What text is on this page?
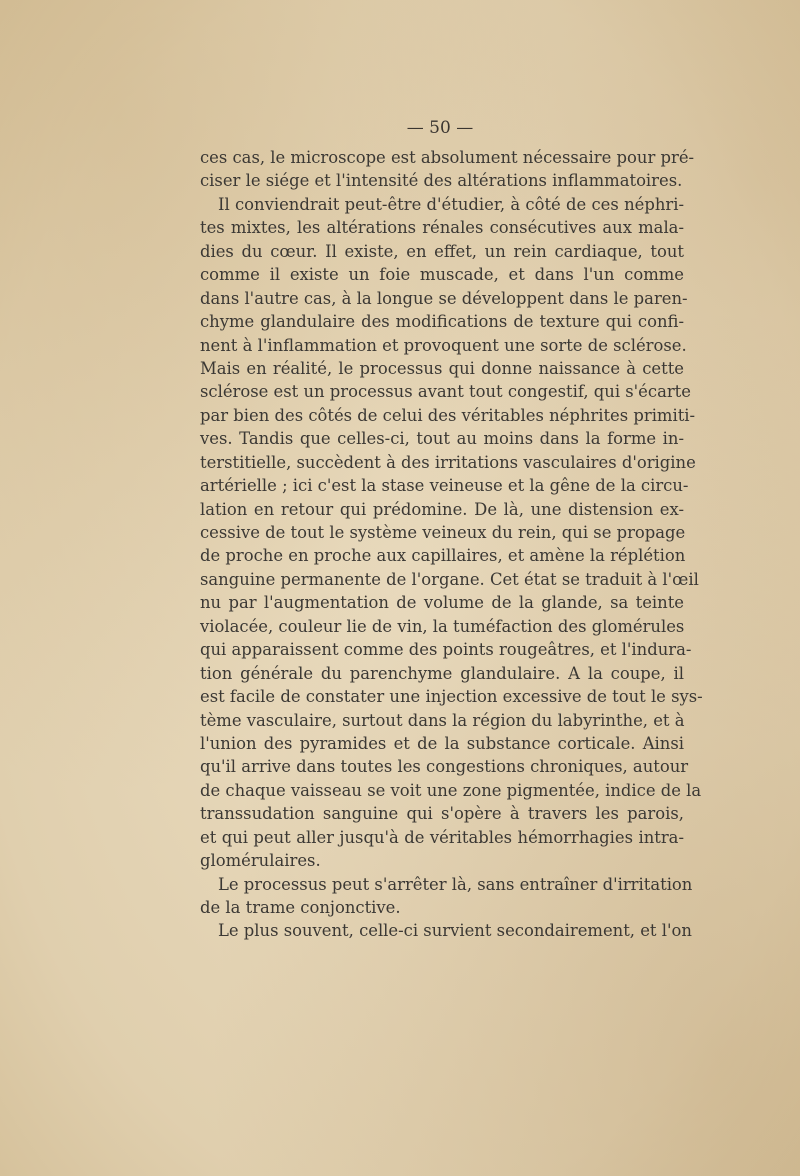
— 50 —
ces cas, le microscope est absolument nécessaire pour pré-
ciser le siége et l'intensité des altérations inflammatoires.
Il conviendrait peut-être d'étudier, à côté de ces néphri-
tes mixtes, les altérations rénales consécutives aux mala-
dies du cœur. Il existe, en effet, un rein cardiaque, tout
comme il existe un foie muscade, et dans l'un comme
dans l'autre cas, à la longue se développent dans le paren-
chyme glandulaire des modifications de texture qui confi-
nent à l'inflammation et provoquent une sorte de sclérose.
Mais en réalité, le processus qui donne naissance à cette
sclérose est un processus avant tout congestif, qui s'écarte
par bien des côtés de celui des véritables néphrites primiti-
ves. Tandis que celles-ci, tout au moins dans la forme in-
terstitielle, succèdent à des irritations vasculaires d'origine
artérielle ; ici c'est la stase veineuse et la gêne de la circu-
lation en retour qui prédomine. De là, une distension ex-
cessive de tout le système veineux du rein, qui se propage
de proche en proche aux capillaires, et amène la réplétion
sanguine permanente de l'organe. Cet état se traduit à l'œil
nu par l'augmentation de volume de la glande, sa teinte
violacée, couleur lie de vin, la tuméfaction des glomérules
qui apparaissent comme des points rougeâtres, et l'indura-
tion générale du parenchyme glandulaire. A la coupe, il
est facile de constater une injection excessive de tout le sys-
tème vasculaire, surtout dans la région du labyrinthe, et à
l'union des pyramides et de la substance corticale. Ainsi
qu'il arrive dans toutes les congestions chroniques, autour
de chaque vaisseau se voit une zone pigmentée, indice de la
transsudation sanguine qui s'opère à travers les parois,
et qui peut aller jusqu'à de véritables hémorrhagies intra-
glomérulaires.
Le processus peut s'arrêter là, sans entraîner d'irritation
de la trame conjonctive.
Le plus souvent, celle-ci survient secondairement, et l'on
